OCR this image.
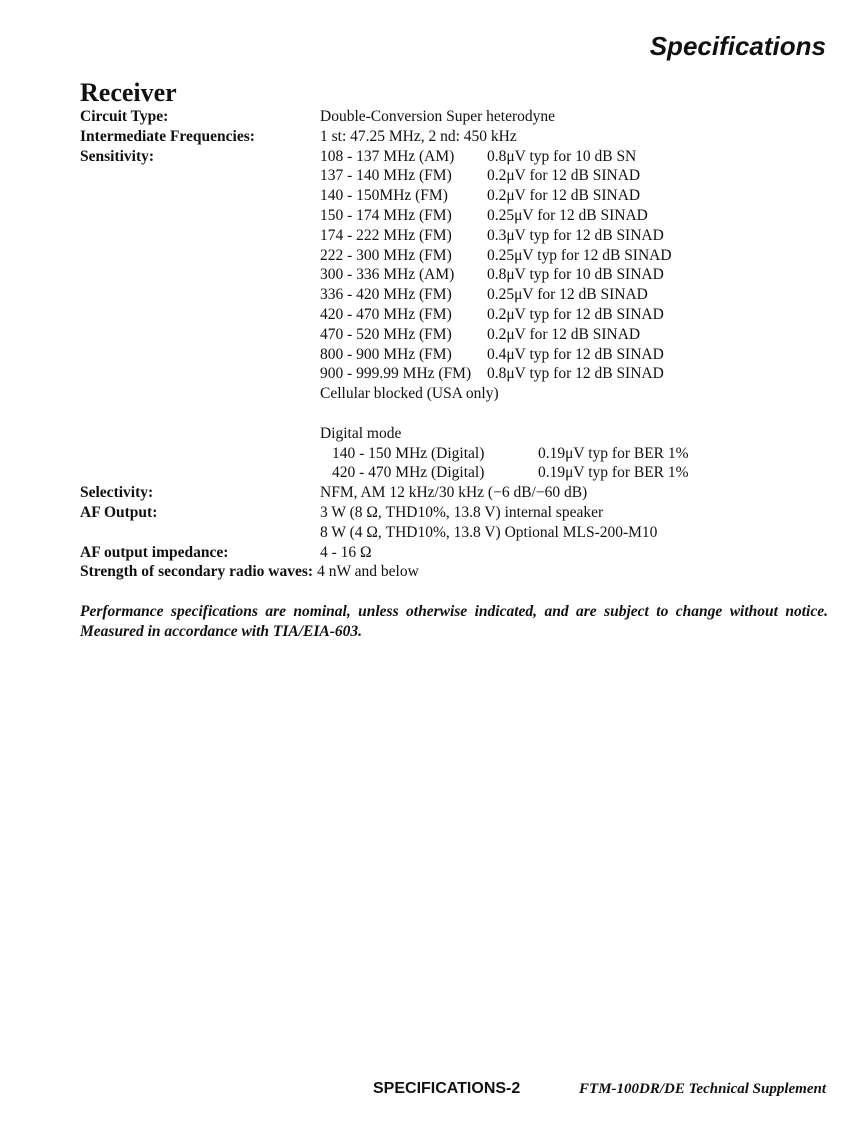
Specifications
Receiver
Circuit Type:	Double-Conversion Super heterodyne
Intermediate Frequencies:	1 st: 47.25 MHz, 2 nd: 450 kHz
Sensitivity:	108 - 137 MHz (AM) 0.8μV typ for 10 dB SN
137 - 140 MHz (FM) 0.2μV for 12 dB SINAD
140 - 150MHz (FM)	0.2μV for 12 dB SINAD
150 - 174 MHz (FM) 0.25μV for 12 dB SINAD
174 - 222 MHz (FM) 0.3μV typ for 12 dB SINAD
222 - 300 MHz (FM) 0.25μV typ for 12 dB SINAD
300 - 336 MHz (AM) 0.8μV typ for 10 dB SINAD
336 - 420 MHz (FM) 0.25μV for 12 dB SINAD
420 - 470 MHz (FM) 0.2μV typ for 12 dB SINAD
470 - 520 MHz (FM) 0.2μV for 12 dB SINAD
800 - 900 MHz (FM) 0.4μV typ for 12 dB SINAD
900 - 999.99 MHz (FM) 0.8μV typ for 12 dB SINAD
Cellular blocked (USA only)
Digital mode
140 - 150 MHz (Digital)	0.19μV typ for BER 1%
420 - 470 MHz (Digital)	0.19μV typ for BER 1%
Selectivity:	NFM, AM 12 kHz/30 kHz (−6 dB/−60 dB)
AF Output:	3 W (8 Ω, THD10%, 13.8 V) internal speaker
8 W (4 Ω, THD10%, 13.8 V) Optional MLS-200-M10
AF output impedance:	4 - 16 Ω
Strength of secondary radio waves: 4 nW and below
Performance specifications are nominal, unless otherwise indicated, and are subject to change without notice. Measured in accordance with TIA/EIA-603.
SPECIFICATIONS-2	FTM-100DR/DE Technical Supplement
